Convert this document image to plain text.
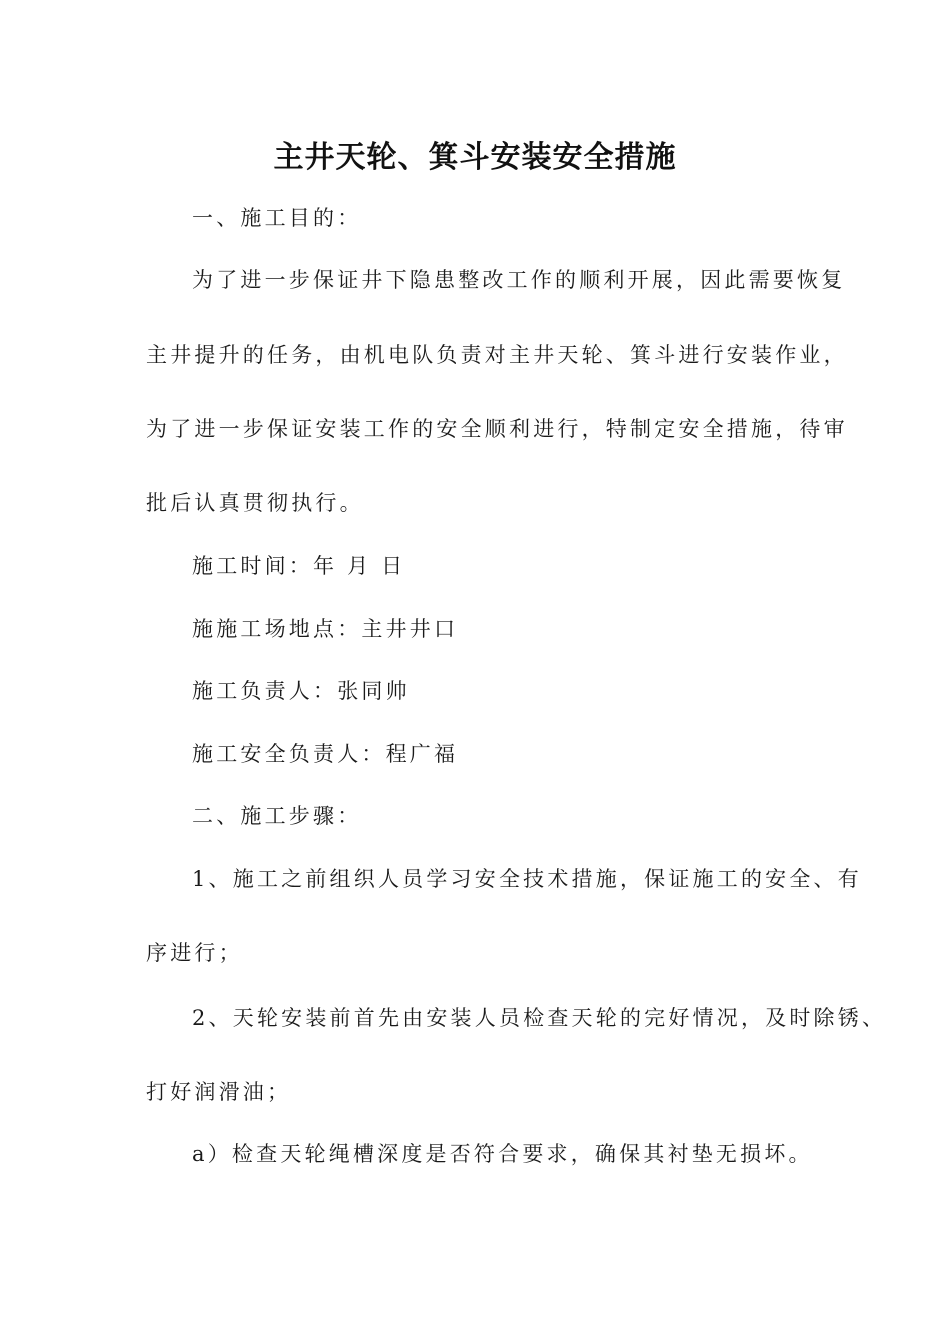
主井天轮、箕斗安装安全措施
一、施工目的：
为了进一步保证井下隐患整改工作的顺利开展，因此需要恢复
主井提升的任务，由机电队负责对主井天轮、箕斗进行安装作业，
为了进一步保证安装工作的安全顺利进行，特制定安全措施，待审
批后认真贯彻执行。
施工时间：年 月 日
施施工场地点：主井井口
施工负责人：张同帅
施工安全负责人：程广福
二、施工步骤：
1、施工之前组织人员学习安全技术措施，保证施工的安全、有
序进行；
2、天轮安装前首先由安装人员检查天轮的完好情况，及时除锈、
打好润滑油；
a）检查天轮绳槽深度是否符合要求，确保其衬垫无损坏。
